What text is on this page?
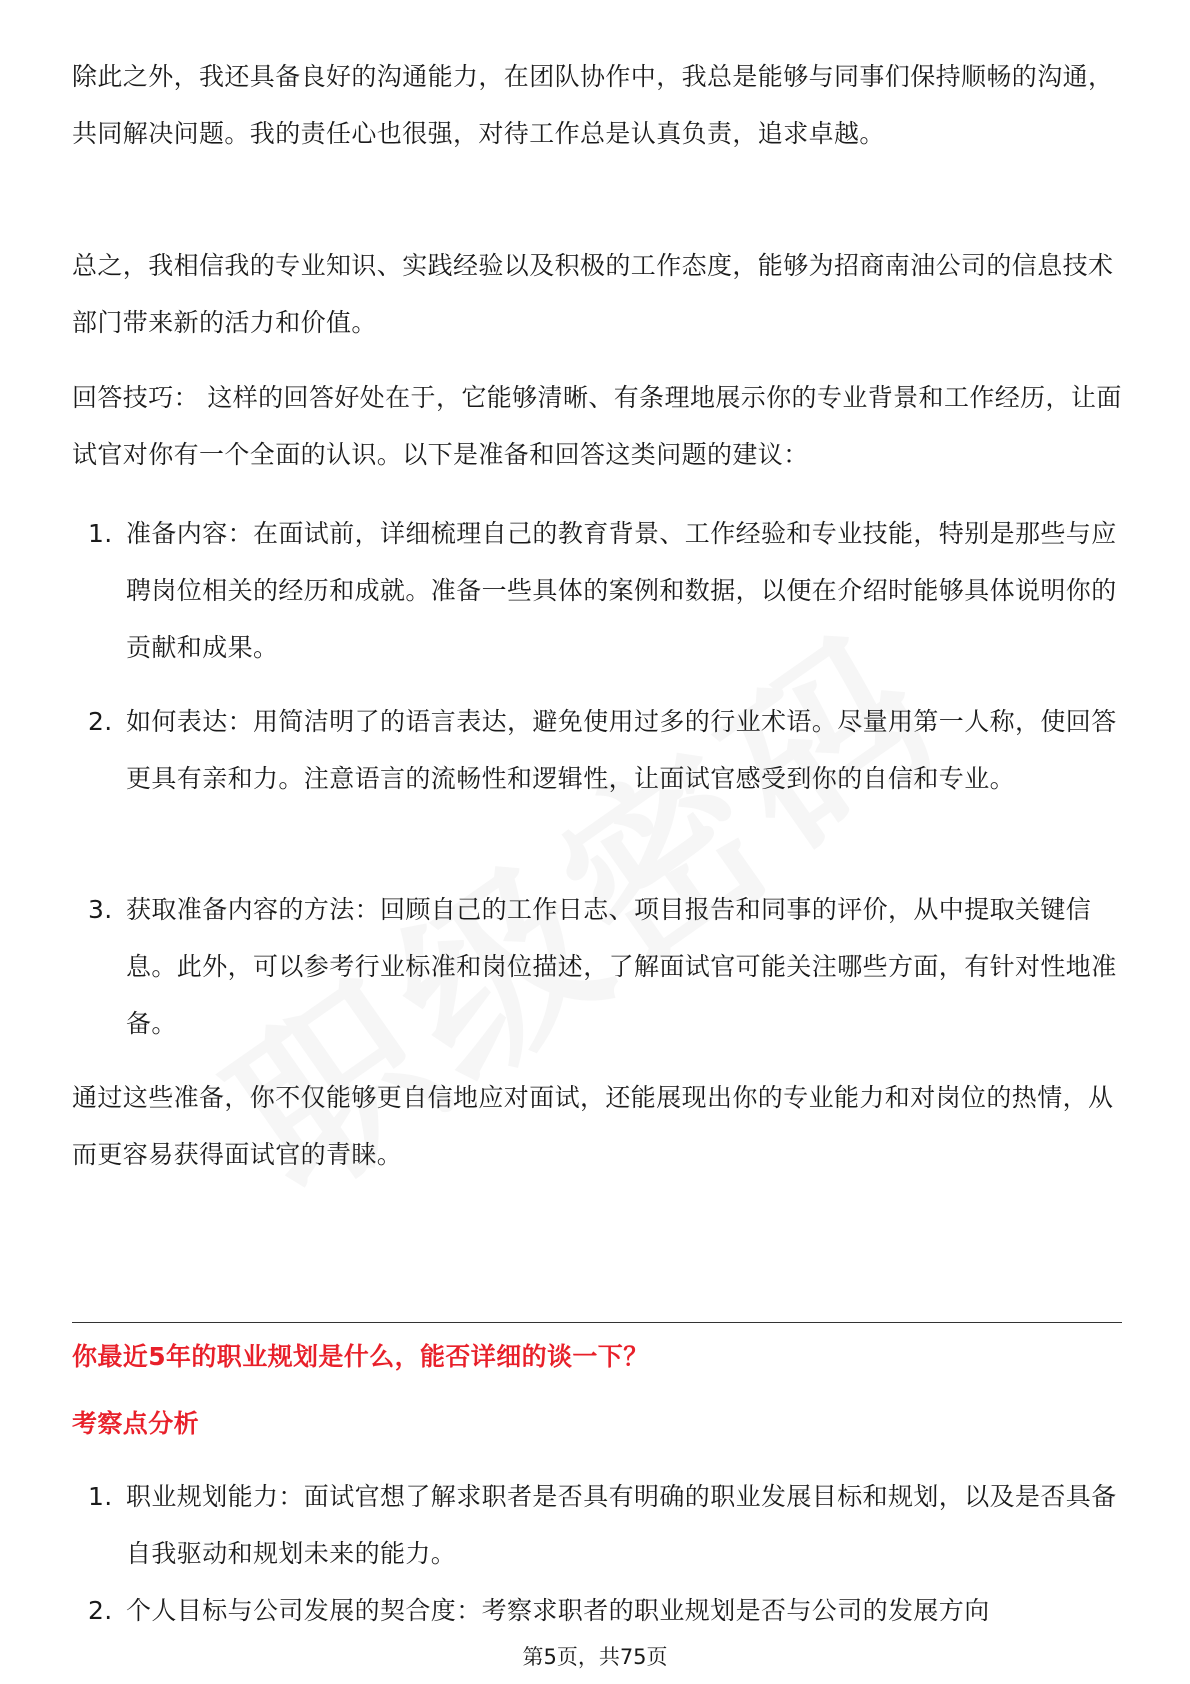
除此之外，我还具备良好的沟通能力，在团队协作中，我总是能够与同事们保持顺畅的沟通，共同解决问题。我的责任心也很强，对待工作总是认真负责，追求卓越。
总之，我相信我的专业知识、实践经验以及积极的工作态度，能够为招商南油公司的信息技术部门带来新的活力和价值。
回答技巧： 这样的回答好处在于，它能够清晰、有条理地展示你的专业背景和工作经历，让面试官对你有一个全面的认识。以下是准备和回答这类问题的建议：
1. 准备内容：在面试前，详细梳理自己的教育背景、工作经验和专业技能，特别是那些与应聘岗位相关的经历和成就。准备一些具体的案例和数据，以便在介绍时能够具体说明你的贡献和成果。
2. 如何表达：用简洁明了的语言表达，避免使用过多的行业术语。尽量用第一人称，使回答更具有亲和力。注意语言的流畅性和逻辑性，让面试官感受到你的自信和专业。
3. 获取准备内容的方法：回顾自己的工作日志、项目报告和同事的评价，从中提取关键信息。此外，可以参考行业标准和岗位描述，了解面试官可能关注哪些方面，有针对性地准备。
通过这些准备，你不仅能够更自信地应对面试，还能展现出你的专业能力和对岗位的热情，从而更容易获得面试官的青睐。
你最近5年的职业规划是什么，能否详细的谈一下？
考察点分析
1. 职业规划能力：面试官想了解求职者是否具有明确的职业发展目标和规划，以及是否具备自我驱动和规划未来的能力。
2. 个人目标与公司发展的契合度：考察求职者的职业规划是否与公司的发展方向
第5页，共75页
